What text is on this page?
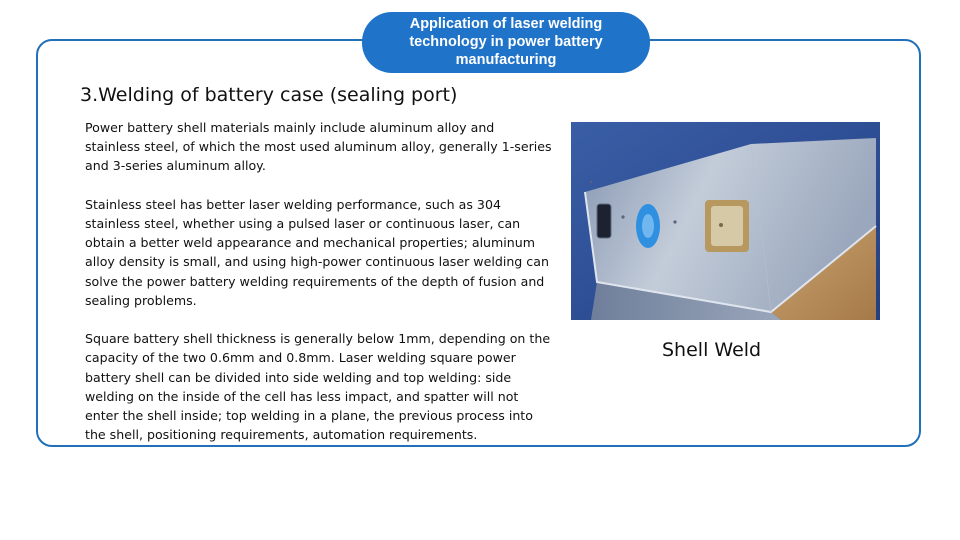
Application of laser welding
technology in power battery
manufacturing
3.Welding of battery case (sealing port)

Power battery shell materials mainly include aluminum alloy and stainless steel, of which the most used aluminum alloy, generally 1-series and 3-series aluminum alloy.

Stainless steel has better laser welding performance, such as 304 stainless steel, whether using a pulsed laser or continuous laser, can obtain a better weld appearance and mechanical properties; aluminum alloy density is small, and using high-power continuous laser welding can solve the power battery welding requirements of the depth of fusion and sealing problems.

Square battery shell thickness is generally below 1mm, depending on the capacity of the two 0.6mm and 0.8mm. Laser welding square power battery shell can be divided into side welding and top welding: side welding on the inside of the cell has less impact, and spatter will not enter the shell inside; top welding in a plane, the previous process into the shell, positioning requirements, automation requirements.

Shell Weld
